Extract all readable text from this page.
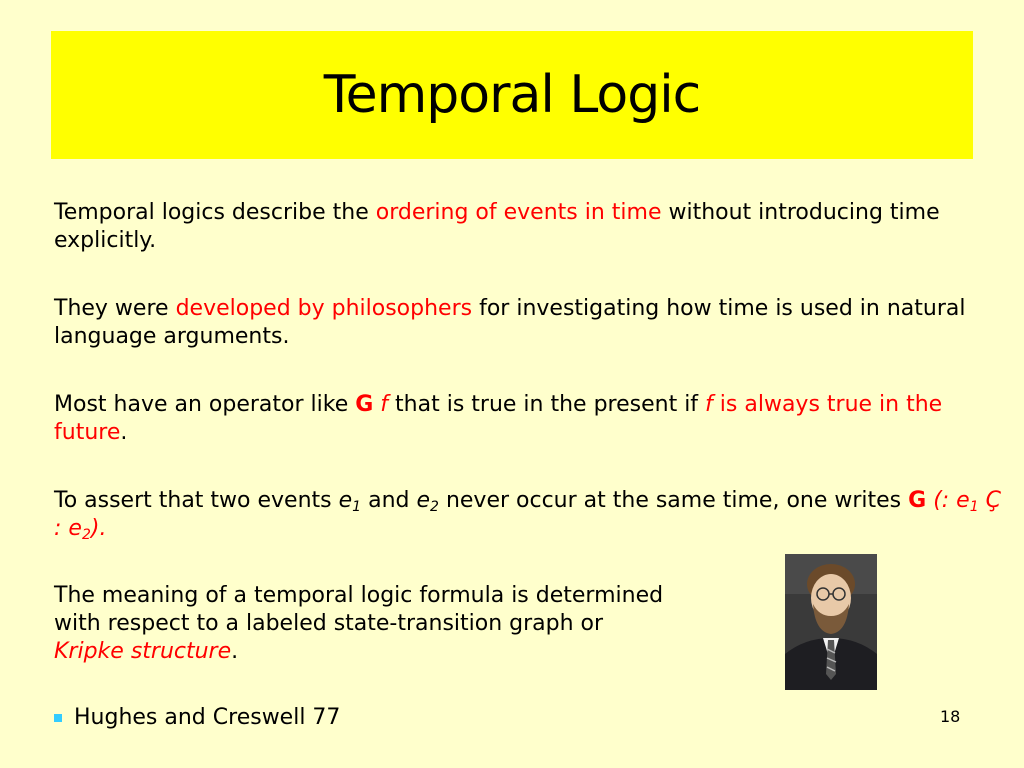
Temporal Logic
Temporal logics describe the ordering of events in time without introducing time explicitly.
They were developed by philosophers for investigating how time is used in natural language arguments.
Most have an operator like G f that is true in the present if f is always true in the future.
To assert that two events $e_1$ and $e_2$ never occur at the same time, one writes G (: $e_1$ Ç : $e_2$).
The meaning of a temporal logic formula is determined
with respect to a labeled state-transition graph or
Kripke structure.
Hughes and Creswell 77	18
